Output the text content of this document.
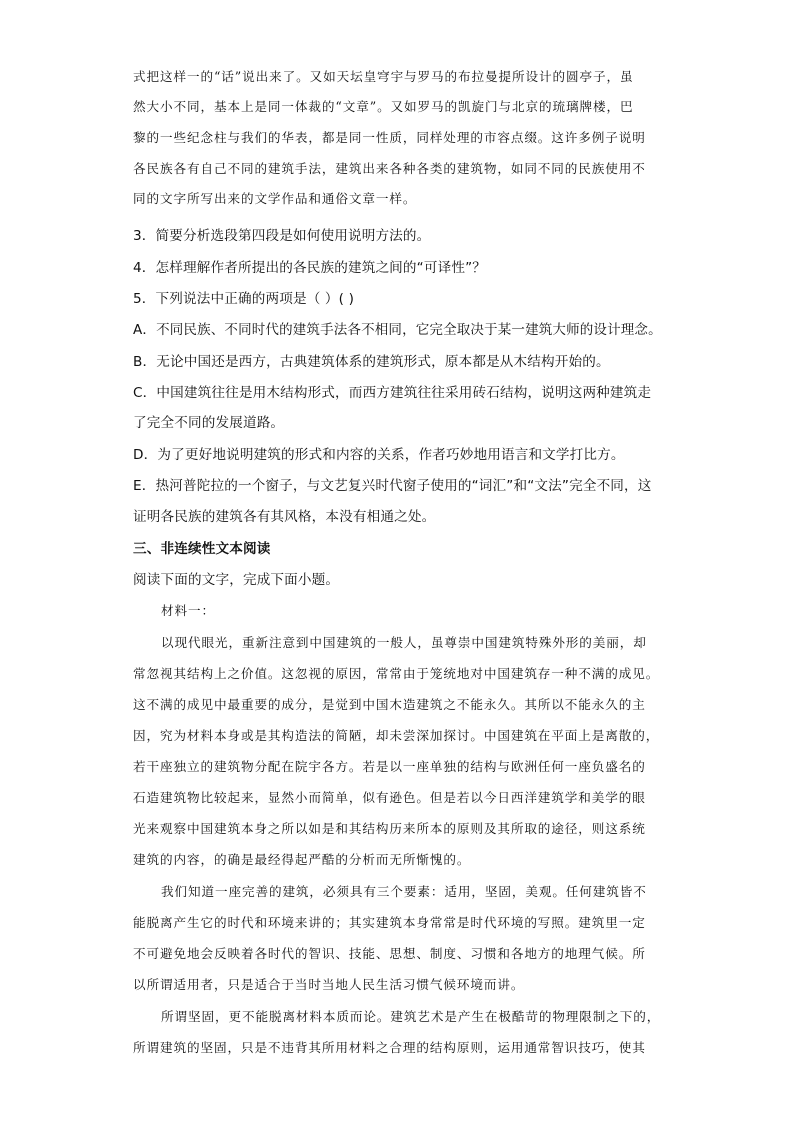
式把这样一的“话”说出来了。又如天坛皇穹宇与罗马的布拉曼提所设计的圆亭子，虽
然大小不同，基本上是同一体裁的“文章”。又如罗马的凯旋门与北京的琉璃牌楼，巴
黎的一些纪念柱与我们的华表，都是同一性质，同样处理的市容点缀。这许多例子说明
各民族各有自己不同的建筑手法，建筑出来各种各类的建筑物，如同不同的民族使用不
同的文字所写出来的文学作品和通俗文章一样。
3．简要分析选段第四段是如何使用说明方法的。
4．怎样理解作者所提出的各民族的建筑之间的“可译性”？
5．下列说法中正确的两项是（ ）( )
A．不同民族、不同时代的建筑手法各不相同，它完全取决于某一建筑大师的设计理念。
B．无论中国还是西方，古典建筑体系的建筑形式，原本都是从木结构开始的。
C．中国建筑往往是用木结构形式，而西方建筑往往采用砖石结构，说明这两种建筑走
了完全不同的发展道路。
D．为了更好地说明建筑的形式和内容的关系，作者巧妙地用语言和文学打比方。
E．热河普陀拉的一个窗子，与文艺复兴时代窗子使用的“词汇”和“文法”完全不同，这
证明各民族的建筑各有其风格，本没有相通之处。
三、非连续性文本阅读
阅读下面的文字，完成下面小题。
材料一：
以现代眼光，重新注意到中国建筑的一般人，虽尊崇中国建筑特殊外形的美丽，却
常忽视其结构上之价值。这忽视的原因，常常由于笼统地对中国建筑存一种不满的成见。
这不满的成见中最重要的成分，是觉到中国木造建筑之不能永久。其所以不能永久的主
因，究为材料本身或是其构造法的简陋，却未尝深加探讨。中国建筑在平面上是离散的，
若干座独立的建筑物分配在院宇各方。若是以一座单独的结构与欧洲任何一座负盛名的
石造建筑物比较起来，显然小而简单，似有逊色。但是若以今日西洋建筑学和美学的眼
光来观察中国建筑本身之所以如是和其结构历来所本的原则及其所取的途径，则这系统
建筑的内容，的确是最经得起严酷的分析而无所惭愧的。
我们知道一座完善的建筑，必须具有三个要素：适用，坚固，美观。任何建筑皆不
能脱离产生它的时代和环境来讲的；其实建筑本身常常是时代环境的写照。建筑里一定
不可避免地会反映着各时代的智识、技能、思想、制度、习惯和各地方的地理气候。所
以所谓适用者，只是适合于当时当地人民生活习惯气候环境而讲。
所谓坚固，更不能脱离材料本质而论。建筑艺术是产生在极酷苛的物理限制之下的，
所谓建筑的坚固，只是不违背其所用材料之合理的结构原则，运用通常智识技巧，使其
